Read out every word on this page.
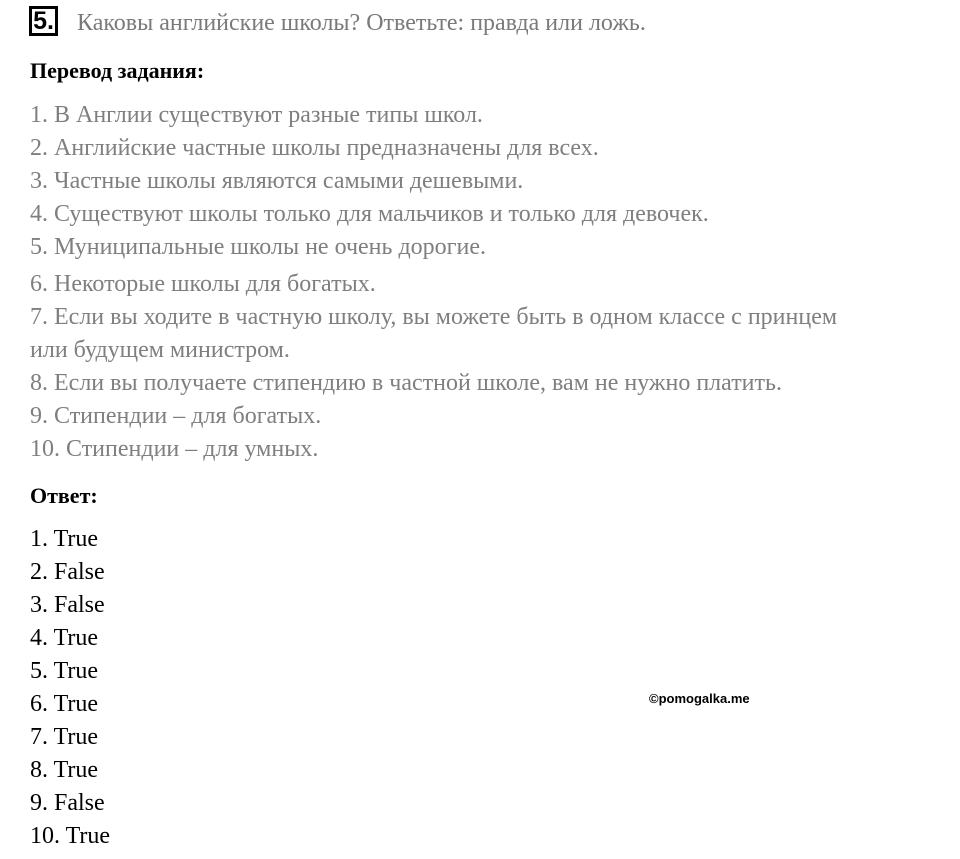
5. Каковы английские школы? Ответьте: правда или ложь.
Перевод задания:
1. В Англии существуют разные типы школ.
2. Английские частные школы предназначены для всех.
3. Частные школы являются самыми дешевыми.
4. Существуют школы только для мальчиков и только для девочек.
5. Муниципальные школы не очень дорогие.
6. Некоторые школы для богатых.
7. Если вы ходите в частную школу, вы можете быть в одном классе с принцем или будущем министром.
8. Если вы получаете стипендию в частной школе, вам не нужно платить.
9. Стипендии – для богатых.
10. Стипендии – для умных.
Ответ:
1. True
2. False
3. False
4. True
5. True
6. True
7. True
8. True
9. False
10. True
©pomogalka.me
